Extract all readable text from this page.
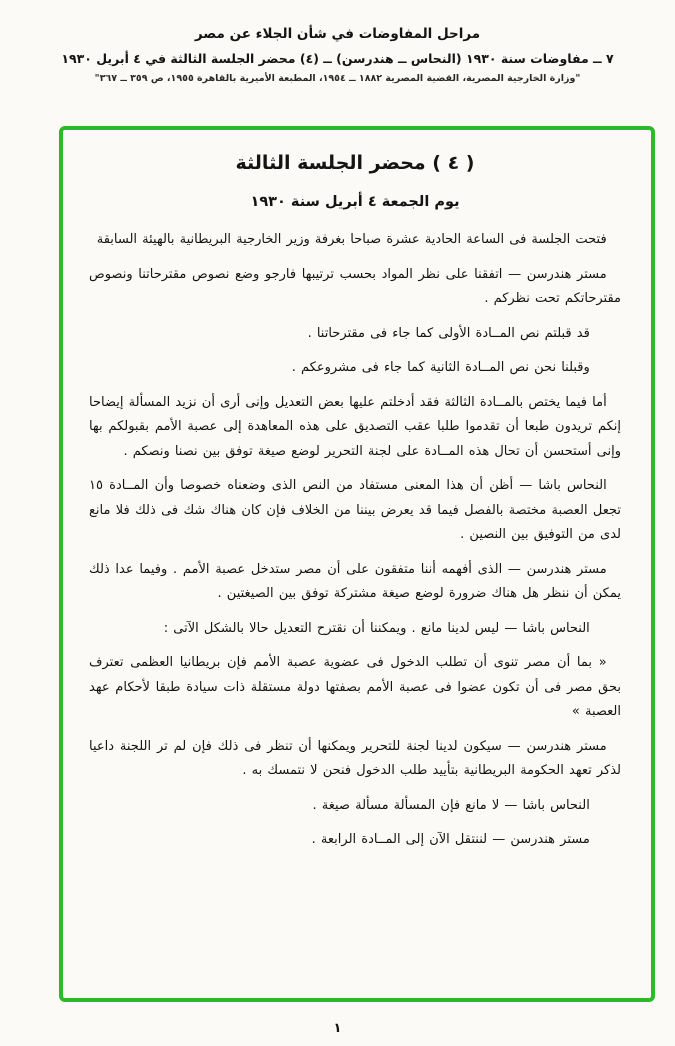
مراحل المفاوضات في شأن الجلاء عن مصر
٧ ــ مفاوضات سنة ١٩٣٠ (النحاس ــ هندرسن) ــ (٤) محضر الجلسة الثالثة في ٤ أبريل ١٩٣٠
"وزارة الخارجية المصرية، القضية المصرية ١٨٨٢ ــ ١٩٥٤، المطبعة الأميرية بالقاهرة ١٩٥٥، ص ٣٥٩ ــ ٣٦٧"
( ٤ ) محضر الجلسة الثالثة
يوم الجمعة ٤ أبريل سنة ١٩٣٠

فتحت الجلسة فى الساعة الحادية عشرة صباحا بغرفة وزير الخارجية البريطانية بالهيئة السابقة

مستر هندرسن — اتفقنا على نظر المواد بحسب ترتيبها فارجو وضع نصوص مقترحاتنا ونصوص مقترحاتكم تحت نظركم .

قد قبلتم نص المــادة الأولى كما جاء فى مقترحاتنا .

وقبلنا نحن نص المــادة الثانية كما جاء فى مشروعكم .

أما فيما يختص بالمــادة الثالثة فقد أدخلتم عليها بعض التعديل وإنى أرى أن نزيد المسألة إيضاحا إنكم تريدون طبعا أن تقدموا طلبا عقب التصديق على هذه المعاهدة إلى عصبة الأمم بقبولكم بها وإنى أستحسن أن تحال هذه المــادة على لجنة التحرير لوضع صيغة توفق بين نصنا ونصكم .

النحاس باشا — أظن أن هذا المعنى مستفاد من النص الذى وضعناه خصوصا وأن المــادة ١٥ تجعل العصبة مختصة بالفصل فيما قد يعرض بيننا من الخلاف فإن كان هناك شك فى ذلك فلا مانع لدى من التوفيق بين النصين .

مستر هندرسن — الذى أفهمه أننا متفقون على أن مصر ستدخل عصبة الأمم . وفيما عدا ذلك يمكن أن ننظر هل هناك ضرورة لوضع صيغة مشتركة توفق بين الصيغتين .

النحاس باشا — ليس لدينا مانع . ويمكننا أن نقترح التعديل حالا بالشكل الآتى :

« بما أن مصر تنوى أن تطلب الدخول فى عضوية عصبة الأمم فإن بريطانيا العظمى تعترف بحق مصر فى أن تكون عضوا فى عصبة الأمم بصفتها دولة مستقلة ذات سيادة طبقا لأحكام عهد العصبة »

مستر هندرسن — سيكون لدينا لجنة للتحرير ويمكنها أن تنظر فى ذلك فإن لم تر اللجنة داعيا لذكر تعهد الحكومة البريطانية بتأييد طلب الدخول فنحن لا نتمسك به .

النحاس باشا — لا مانع فإن المسألة مسألة صيغة .

مستر هندرسن — لننتقل الآن إلى المــادة الرابعة .

١
